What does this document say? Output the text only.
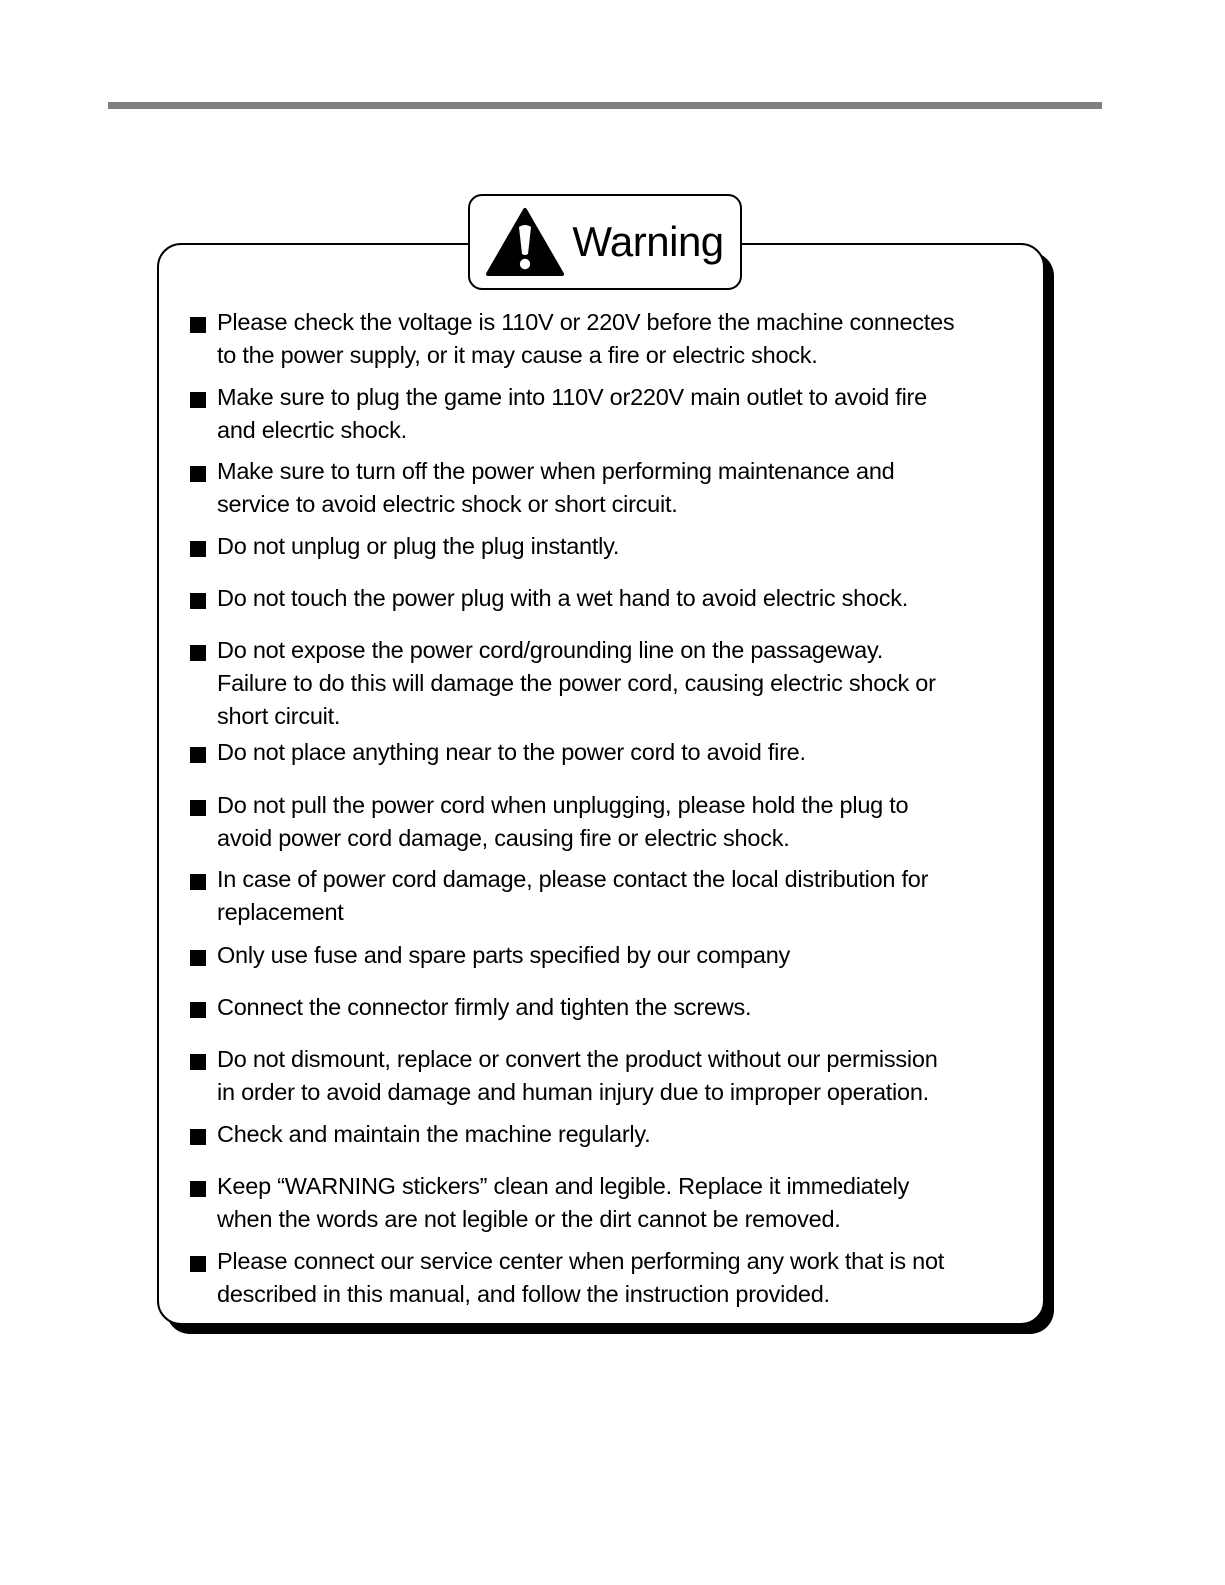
Warning
Please check the voltage is 110V or 220V before the machine connectes
to the power supply, or it may cause a fire or electric shock.
Make sure to plug the game into 110V or220V main outlet to avoid fire
and elecrtic shock.
Make sure to turn off the power when performing maintenance and
service to avoid electric shock or short circuit.
Do not unplug or plug the plug instantly.
Do not touch the power plug with a wet hand to avoid electric shock.
Do not expose the power cord/grounding line on the passageway.
Failure to do this will damage the power cord, causing electric shock or
short circuit.
Do not place anything near to the power cord to avoid fire.
Do not pull the power cord when unplugging, please hold the plug to
avoid power cord damage, causing fire or electric shock.
In case of power cord damage, please contact the local distribution for
replacement
Only use fuse and spare parts specified by our company
Connect the connector firmly and tighten the screws.
Do not dismount, replace or convert the product without our permission
in order to avoid damage and human injury due to improper operation.
Check and maintain the machine regularly.
Keep “WARNING stickers” clean and legible. Replace it immediately
when the words are not legible or the dirt cannot be removed.
Please connect our service center when performing any work that is not
described in this manual, and follow the instruction provided.
